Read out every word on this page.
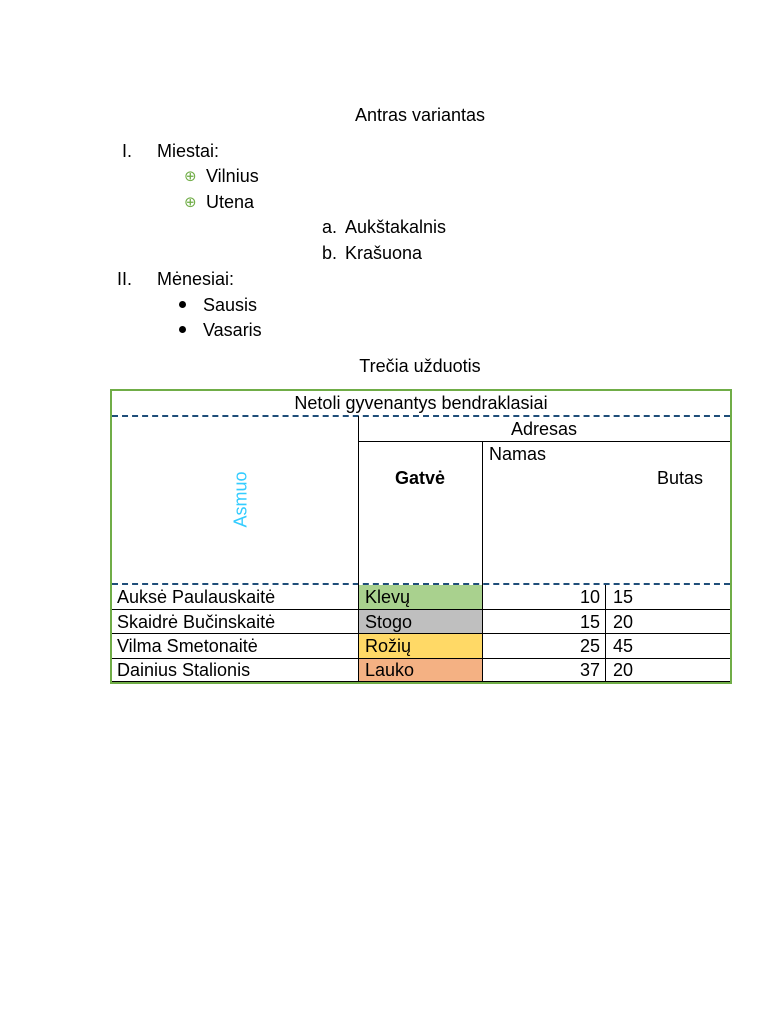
Antras variantas
I. Miestai:
⊕ Vilnius
⊕ Utena
a. Aukštakalnis
b. Krašuona
II. Mėnesiai:
Sausis
Vasaris
Trečia užduotis
Netoli gyvenantys bendraklasiai
Adresas
Gatvė
Namas
Butas
Asmuo
Auksė Paulauskaitė	Klevų	10 15
Skaidrė Bučinskaitė	Stogo	15 20
Vilma Smetonaitė	Rožių	25 45
Dainius Stalionis	Lauko	37 20
